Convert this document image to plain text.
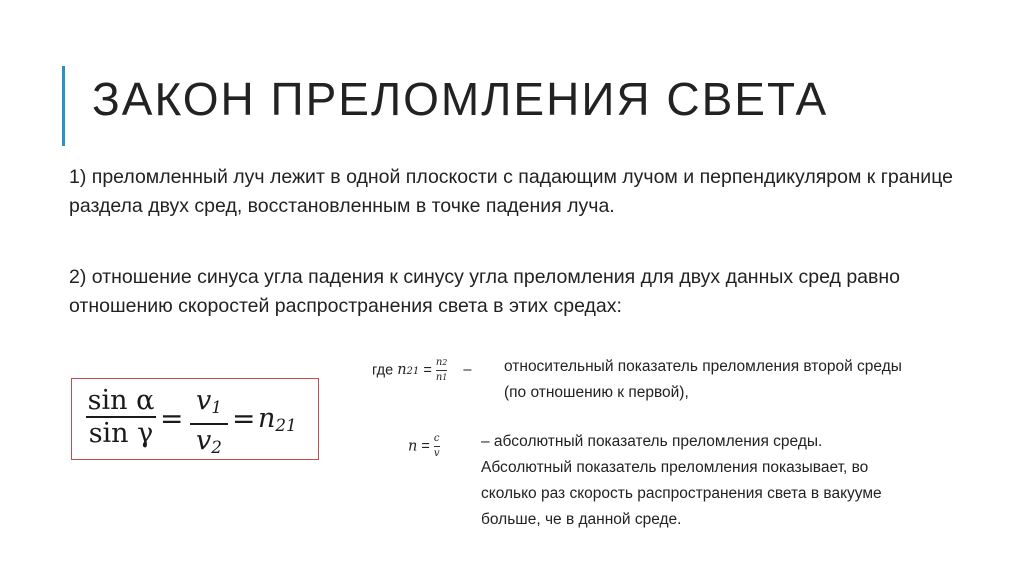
ЗАКОН ПРЕЛОМЛЕНИЯ СВЕТА
1) преломленный луч лежит в одной плоскости с падающим лучом и перпендикуляром к границе раздела двух сред, восстановленным в точке падения луча.
2) отношение синуса угла падения к синусу угла преломления для двух данных сред равно отношению скоростей распространения света в этих средах:
sin α
sin γ =
$v_1$
$v_2$
= $n_{21}$
где $n21 = \frac{n2}{n1}$ – относительный показатель преломления второй среды
(по отношению к первой),
$n = \frac{c}{v}$	– абсолютный показатель преломления среды.
Абсолютный показатель преломления показывает, во
сколько раз скорость распространения света в вакууме
больше, че в данной среде.
